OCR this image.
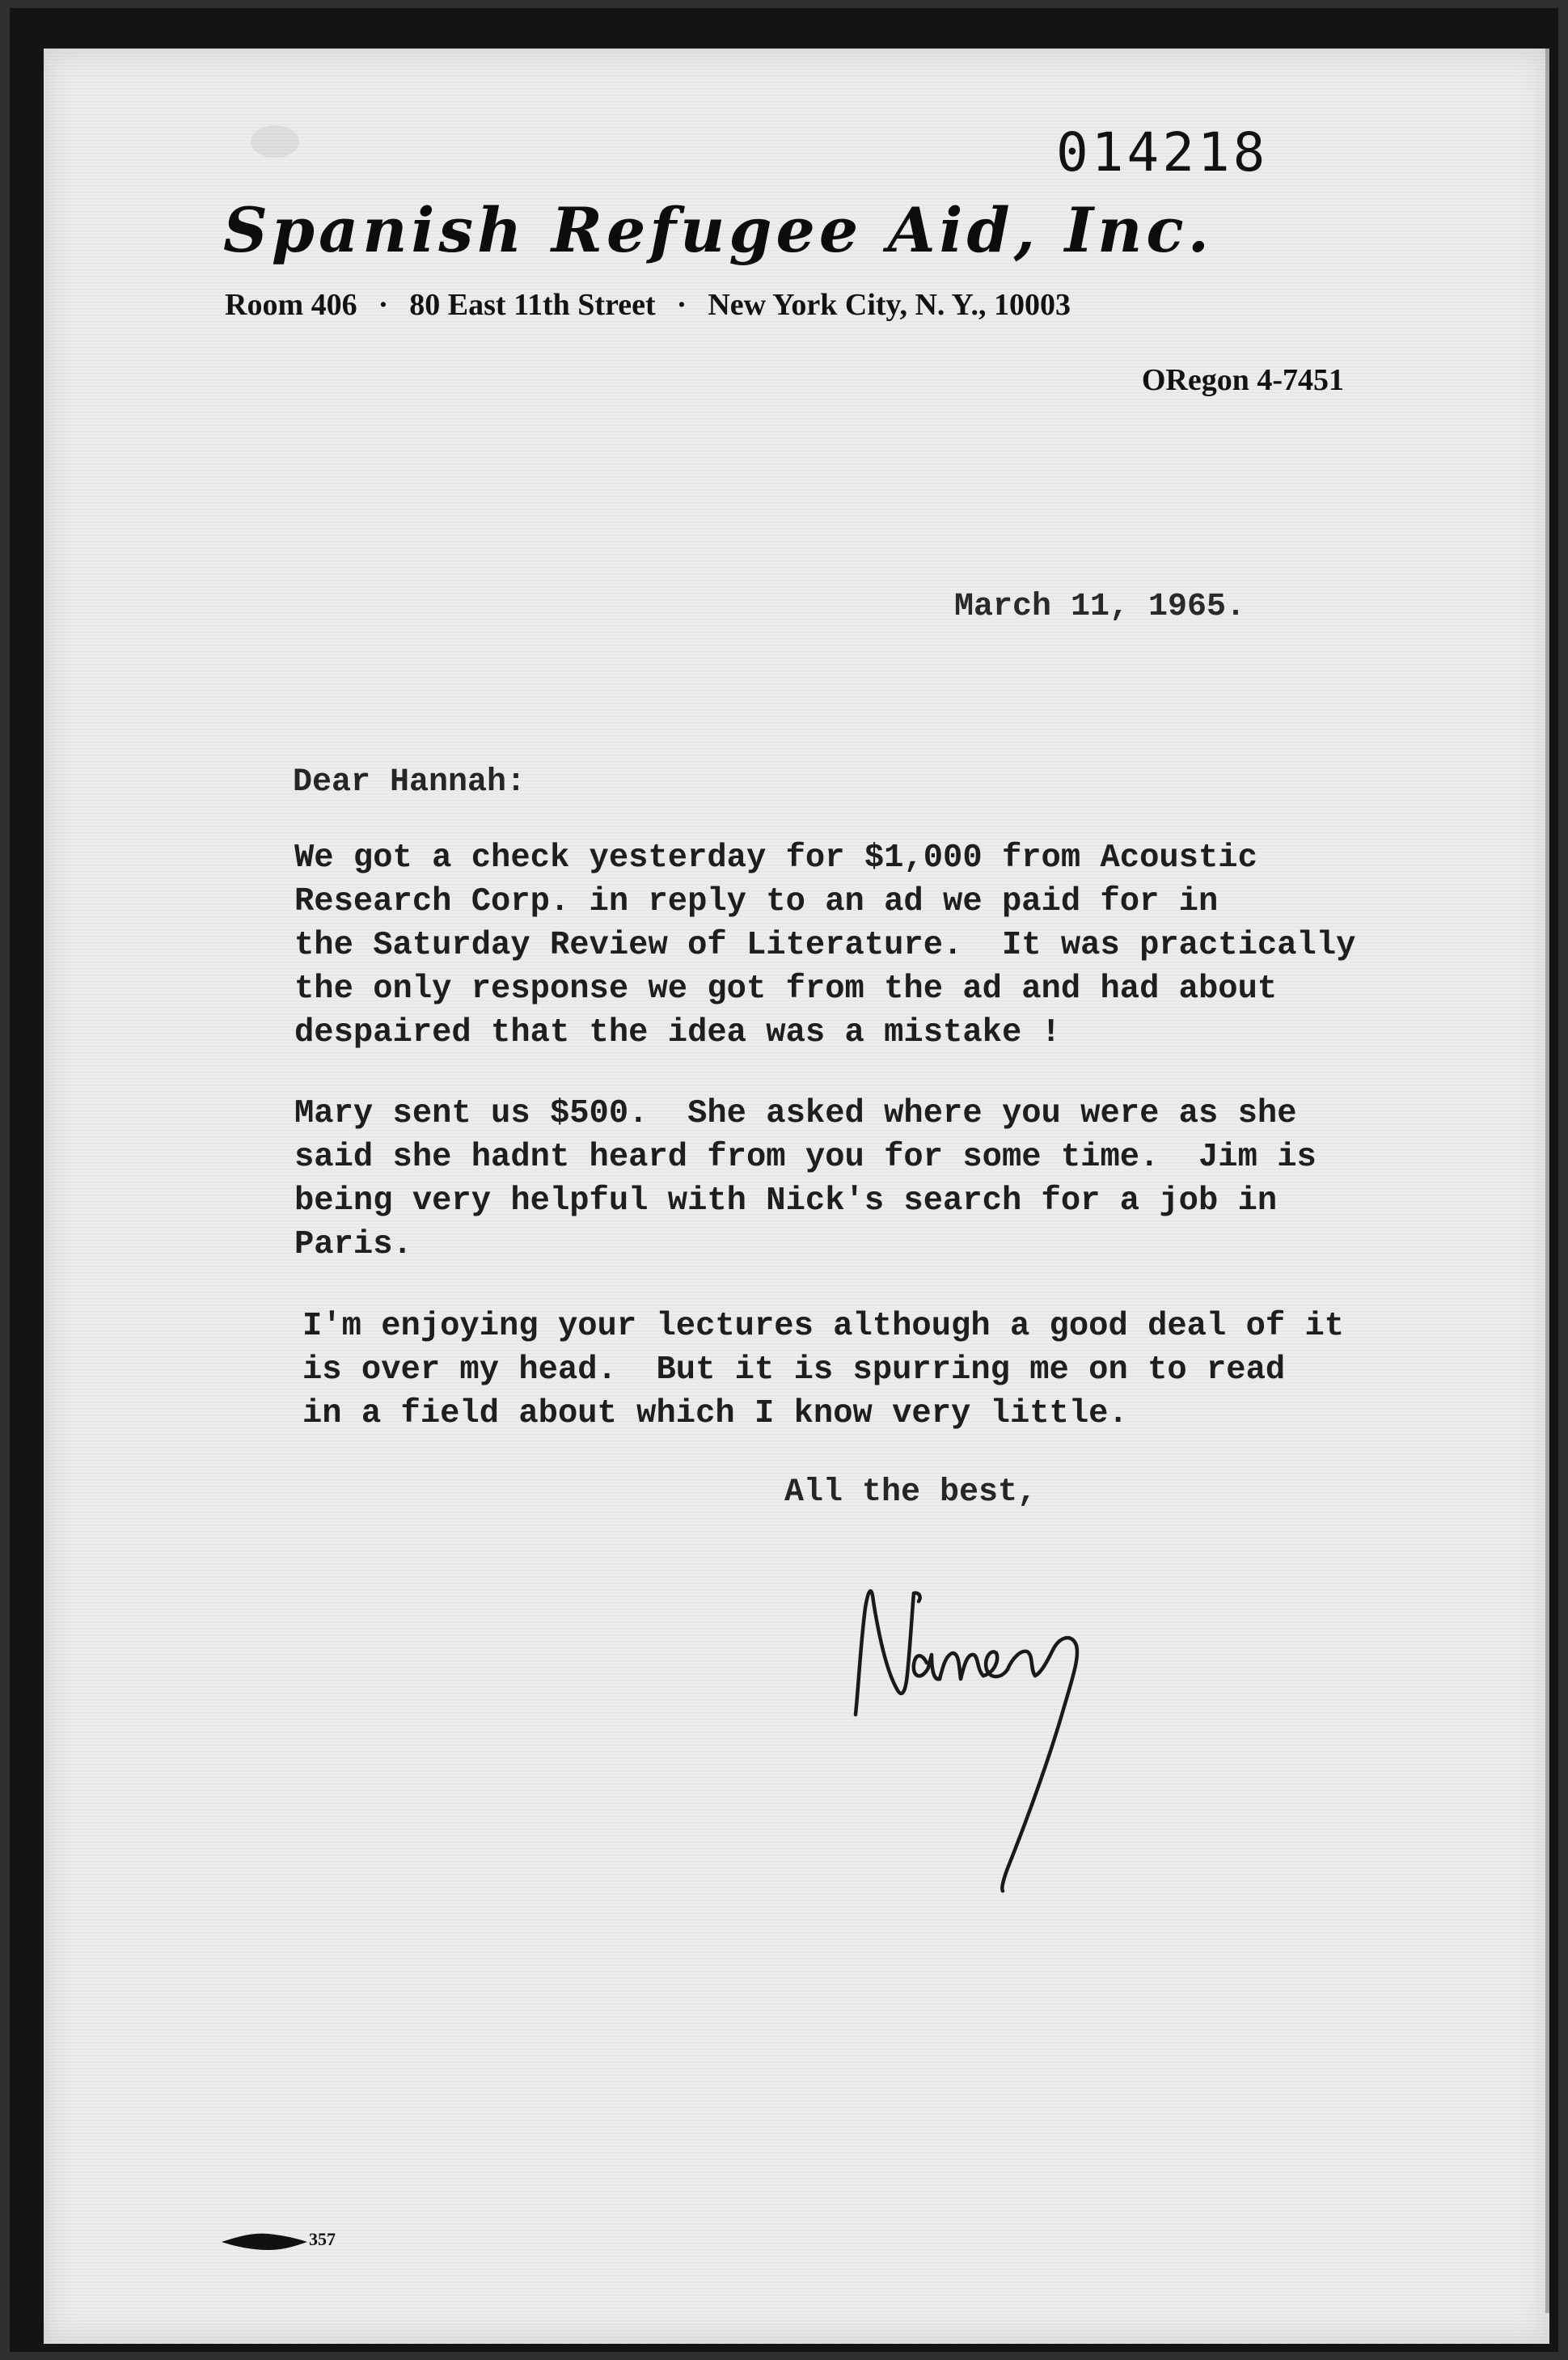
014218
Spanish Refugee Aid, Inc.
Room 406 · 80 East 11th Street · New York City, N. Y., 10003
ORegon 4-7451
March 11, 1965.
Dear Hannah:
We got a check yesterday for $1,000 from Acoustic
Research Corp. in reply to an ad we paid for in
the Saturday Review of Literature.  It was practically
the only response we got from the ad and had about
despaired that the idea was a mistake !
Mary sent us $500.  She asked where you were as she
said she hadnt heard from you for some time.  Jim is
being very helpful with Nick's search for a job in
Paris.
I'm enjoying your lectures although a good deal of it
is over my head.  But it is spurring me on to read
in a field about which I know very little.
All the best,
357
